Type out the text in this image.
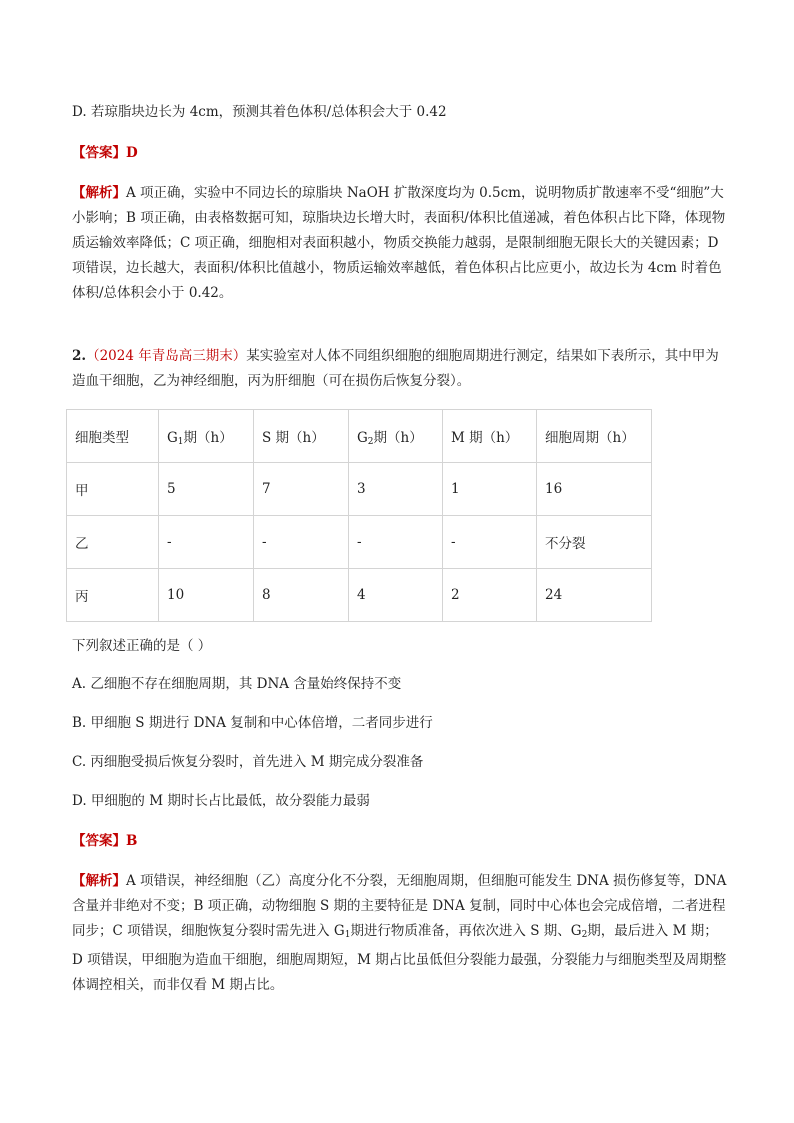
D. 若琼脂块边长为 4cm，预测其着色体积/总体积会大于 0.42

【答案】D

【解析】A 项正确，实验中不同边长的琼脂块 NaOH 扩散深度均为 0.5cm，说明物质扩散速率不受“细胞”大小影响；B 项正确，由表格数据可知，琼脂块边长增大时，表面积/体积比值递减，着色体积占比下降，体现物质运输效率降低；C 项正确，细胞相对表面积越小，物质交换能力越弱，是限制细胞无限长大的关键因素；D 项错误，边长越大，表面积/体积比值越小，物质运输效率越低，着色体积占比应更小，故边长为 4cm 时着色体积/总体积会小于 0.42。

2.（2024 年青岛高三期末）某实验室对人体不同组织细胞的细胞周期进行测定，结果如下表所示，其中甲为造血干细胞，乙为神经细胞，丙为肝细胞（可在损伤后恢复分裂）。

细胞类型	$G_1$期（h）	S 期（h）	$G_2$期（h）	M 期（h）	细胞周期（h）
甲	5	7	3	1	16
乙	-	-	-	-	不分裂
丙	10	8	4	2	24

下列叙述正确的是（ ）

A. 乙细胞不存在细胞周期，其 DNA 含量始终保持不变

B. 甲细胞 S 期进行 DNA 复制和中心体倍增，二者同步进行

C. 丙细胞受损后恢复分裂时，首先进入 M 期完成分裂准备

D. 甲细胞的 M 期时长占比最低，故分裂能力最弱

【答案】B

【解析】A 项错误，神经细胞（乙）高度分化不分裂，无细胞周期，但细胞可能发生 DNA 损伤修复等，DNA 含量并非绝对不变；B 项正确，动物细胞 S 期的主要特征是 DNA 复制，同时中心体也会完成倍增，二者进程同步；C 项错误，细胞恢复分裂时需先进入 $G_1$期进行物质准备，再依次进入 S 期、$G_2$期，最后进入 M 期；D 项错误，甲细胞为造血干细胞，细胞周期短，M 期占比虽低但分裂能力最强，分裂能力与细胞类型及周期整体调控相关，而非仅看 M 期占比。
